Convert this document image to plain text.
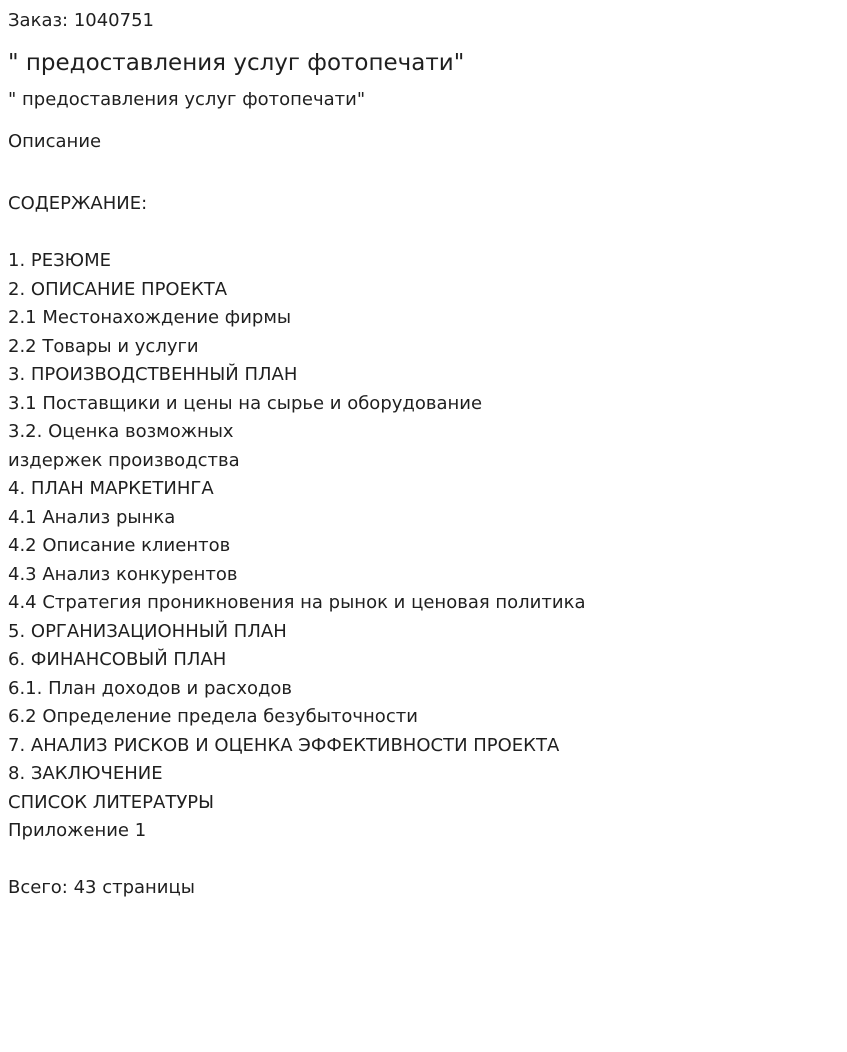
Заказ: 1040751
" предоставления услуг фотопечати"
" предоставления услуг фотопечати"
Описание
СОДЕРЖАНИЕ:
1. РЕЗЮМЕ
2. ОПИСАНИЕ ПРОЕКТА
2.1 Местонахождение фирмы
2.2 Товары и услуги
3. ПРОИЗВОДСТВЕННЫЙ ПЛАН
3.1 Поставщики и цены на сырье и оборудование
3.2. Оценка возможных
издержек производства
4. ПЛАН МАРКЕТИНГА
4.1 Анализ рынка
4.2 Описание клиентов
4.3 Анализ конкурентов
4.4 Стратегия проникновения на рынок и ценовая политика
5. ОРГАНИЗАЦИОННЫЙ ПЛАН
6. ФИНАНСОВЫЙ ПЛАН
6.1. План доходов и расходов
6.2 Определение предела безубыточности
7. АНАЛИЗ РИСКОВ И ОЦЕНКА ЭФФЕКТИВНОСТИ ПРОЕКТА
8. ЗАКЛЮЧЕНИЕ
СПИСОК ЛИТЕРАТУРЫ
Приложение 1
Всего: 43 страницы
